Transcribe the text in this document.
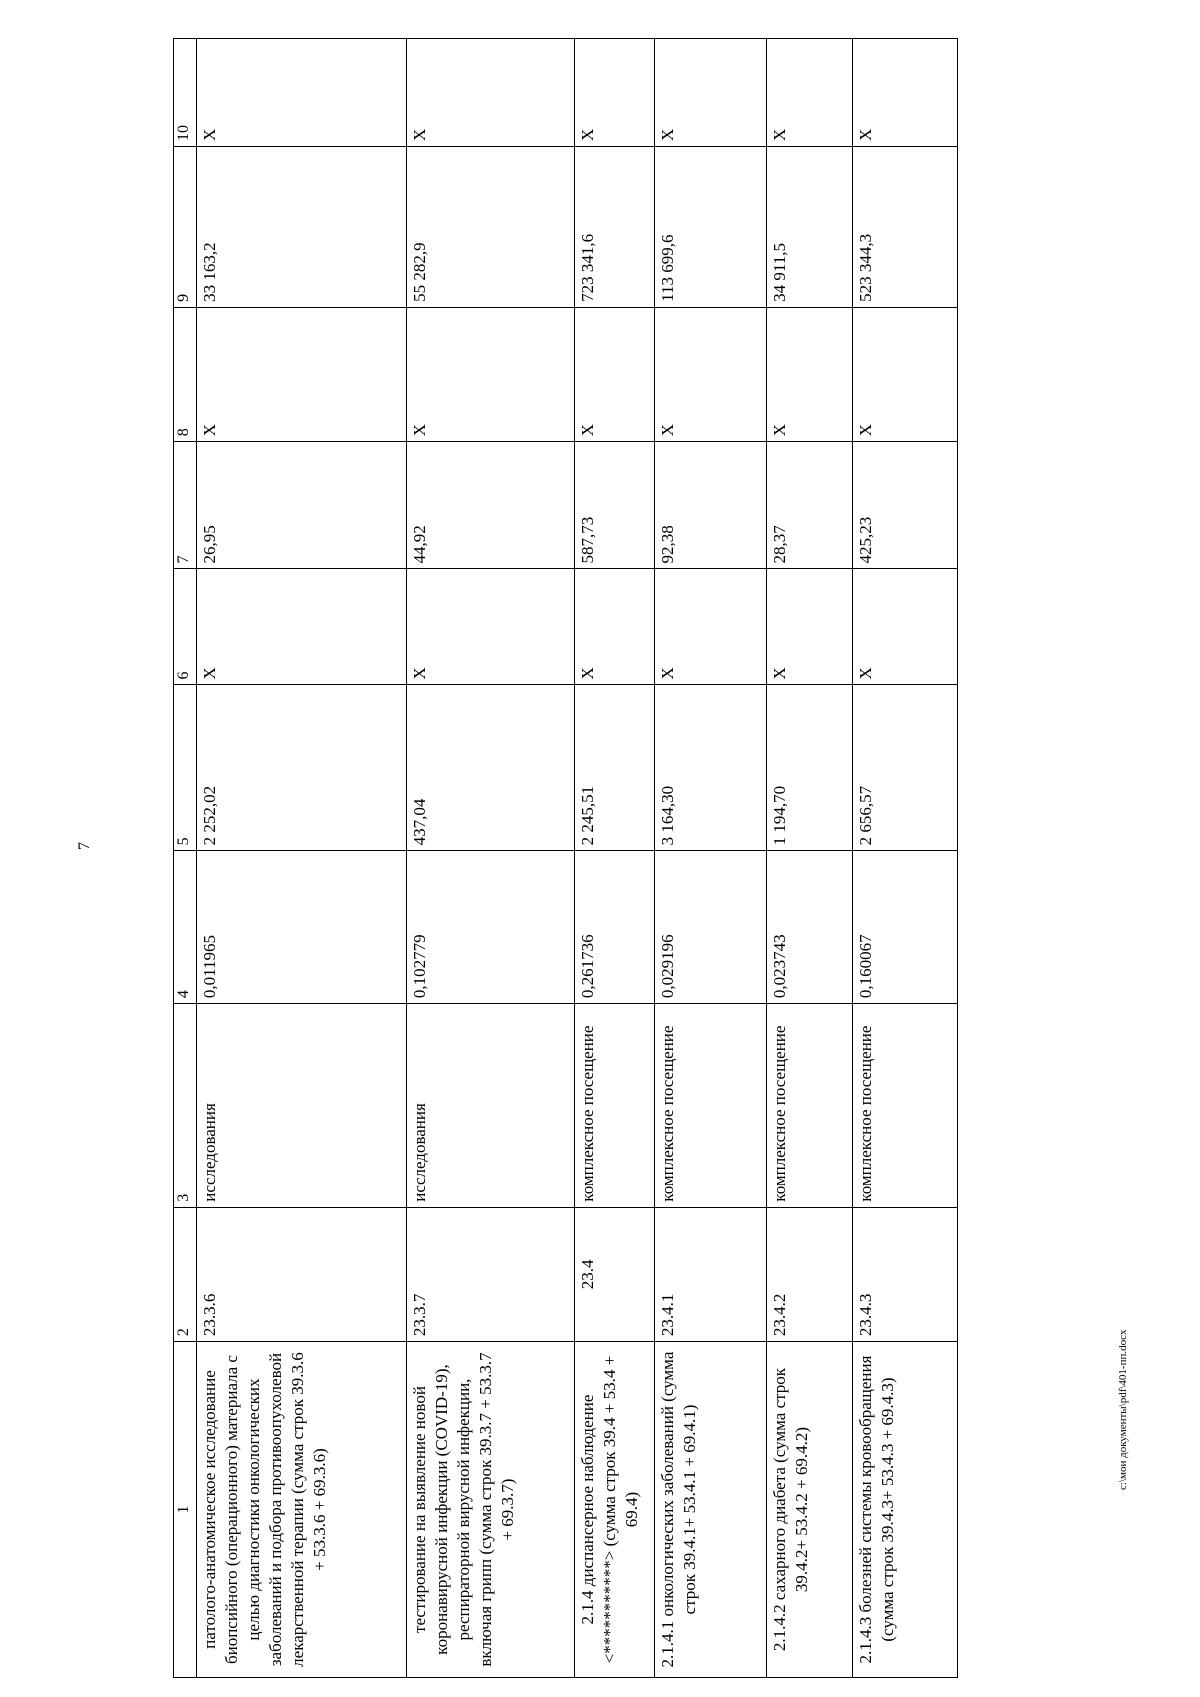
7
1	2	3	4	5	6	7	8	9	10
патолого-анатомическое исследование биопсийного (операционного) материала с целью диагностики онкологических заболеваний и подбора противоопухолевой лекарственной терапии (сумма строк 39.3.6 + 53.3.6 + 69.3.6)	23.3.6	исследования	0,011965	2 252,02	X	26,95	X	33 163,2	X
тестирование на выявление новой коронавирусной инфекции (COVID-19), респираторной вирусной инфекции, включая грипп (сумма строк 39.3.7 + 53.3.7 + 69.3.7)	23.3.7	исследования	0,102779	437,04	X	44,92	X	55 282,9	X
2.1.4 диспансерное наблюдение <***********> (сумма строк 39.4 + 53.4 + 69.4)	23.4	комплексное посещение	0,261736	2 245,51	X	587,73	X	723 341,6	X
2.1.4.1 онкологических заболеваний (сумма строк 39.4.1+ 53.4.1 + 69.4.1)	23.4.1	комплексное посещение	0,029196	3 164,30	X	92,38	X	113 699,6	X
2.1.4.2 сахарного диабета (сумма строк 39.4.2+ 53.4.2 + 69.4.2)	23.4.2	комплексное посещение	0,023743	1 194,70	X	28,37	X	34 911,5	X
2.1.4.3 болезней системы кровообращения (сумма строк 39.4.3+ 53.4.3 + 69.4.3)	23.4.3	комплексное посещение	0,160067	2 656,57	X	425,23	X	523 344,3	X
c:\мои документы\pdf\401-пп.docx
